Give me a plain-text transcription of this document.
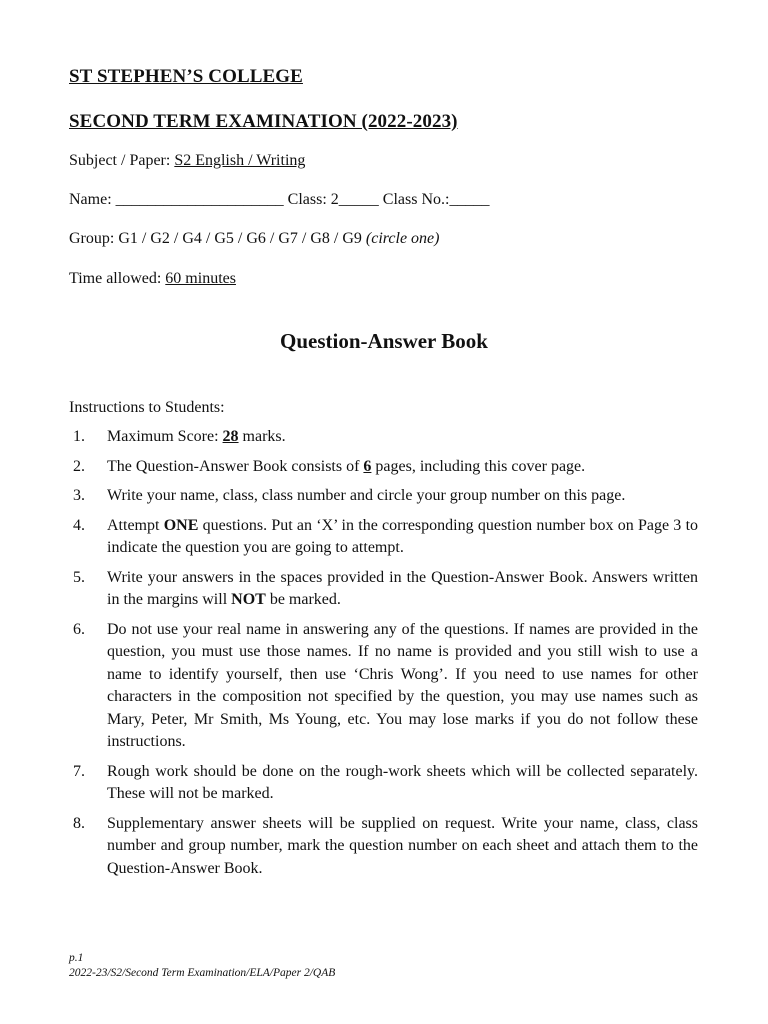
ST STEPHEN’S COLLEGE
SECOND TERM EXAMINATION (2022-2023)
Subject / Paper: S2 English / Writing
Name: _____________________ Class: 2_____ Class No.:_____
Group: G1 / G2 / G4 / G5 / G6 / G7 / G8 / G9 (circle one)
Time allowed: 60 minutes
Question-Answer Book
Instructions to Students:
1. Maximum Score: 28 marks.
2. The Question-Answer Book consists of 6 pages, including this cover page.
3. Write your name, class, class number and circle your group number on this page.
4. Attempt ONE questions. Put an ‘X’ in the corresponding question number box on Page 3 to indicate the question you are going to attempt.
5. Write your answers in the spaces provided in the Question-Answer Book. Answers written in the margins will NOT be marked.
6. Do not use your real name in answering any of the questions. If names are provided in the question, you must use those names. If no name is provided and you still wish to use a name to identify yourself, then use ‘Chris Wong’. If you need to use names for other characters in the composition not specified by the question, you may use names such as Mary, Peter, Mr Smith, Ms Young, etc. You may lose marks if you do not follow these instructions.
7. Rough work should be done on the rough-work sheets which will be collected separately. These will not be marked.
8. Supplementary answer sheets will be supplied on request. Write your name, class, class number and group number, mark the question number on each sheet and attach them to the Question-Answer Book.
p.1
2022-23/S2/Second Term Examination/ELA/Paper 2/QAB
